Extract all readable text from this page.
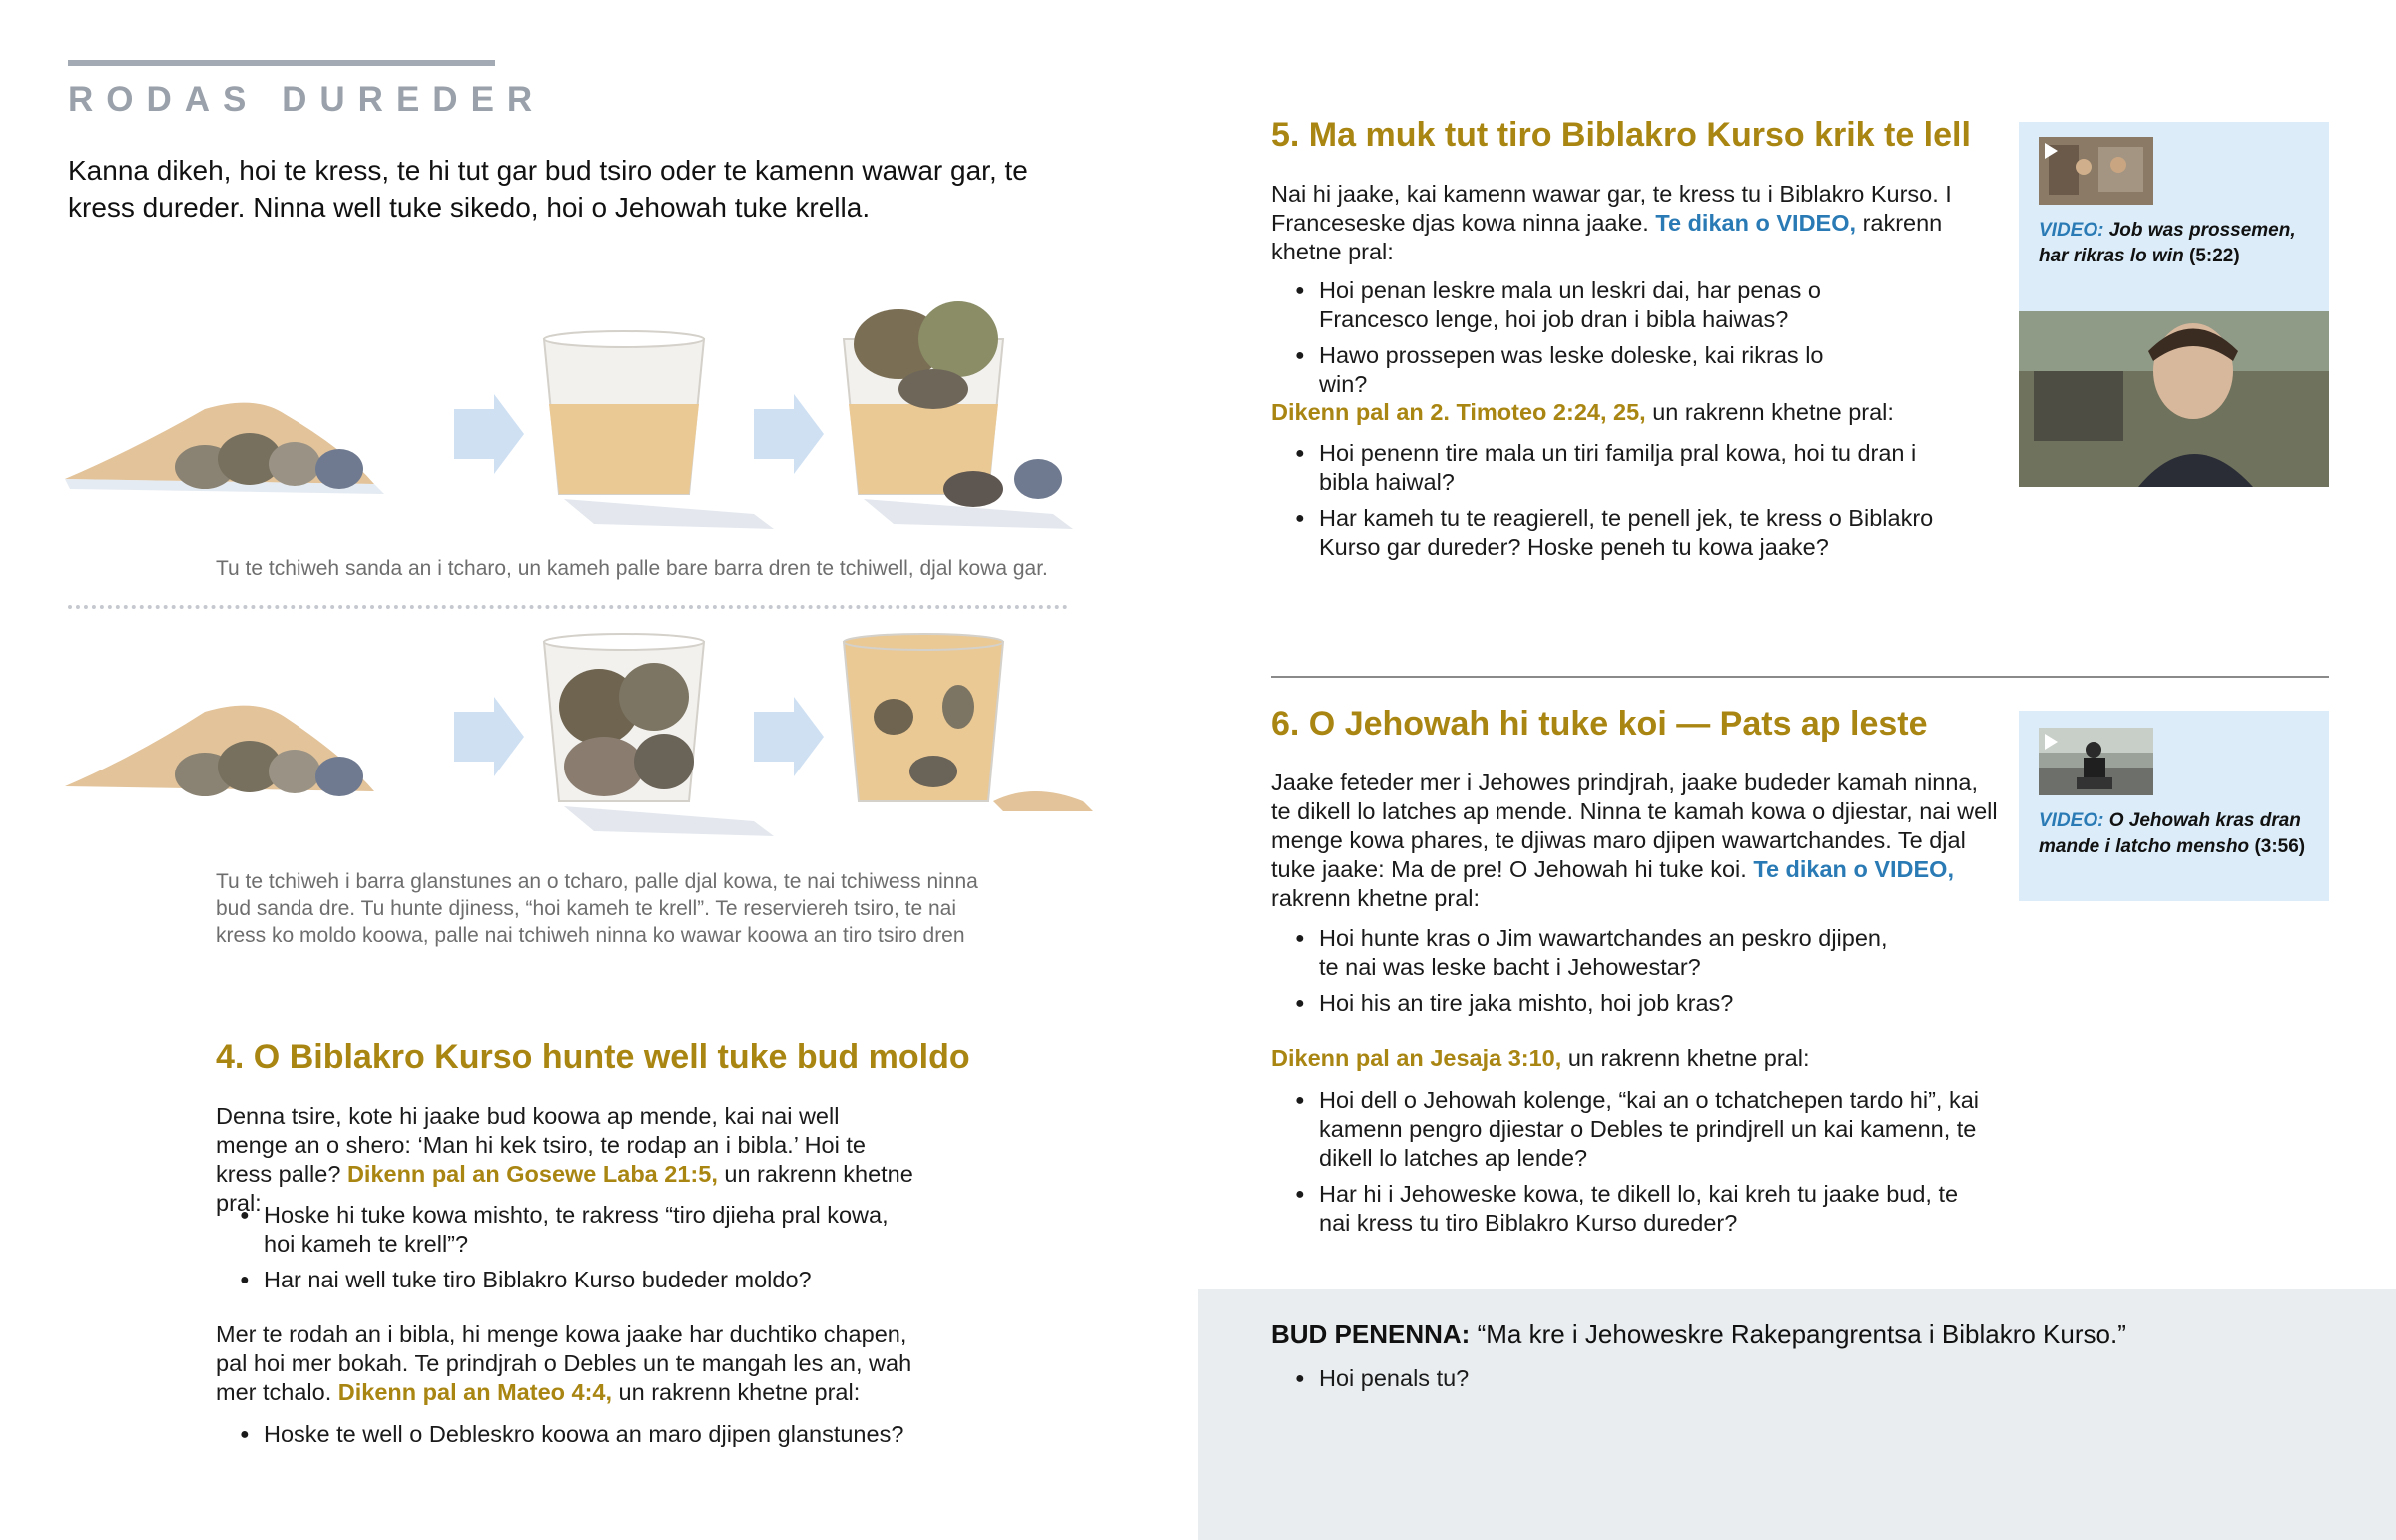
RODAS DUREDER
Kanna dikeh, hoi te kress, te hi tut gar bud tsiro oder te kamenn wawar gar, te kress dureder. Ninna well tuke sikedo, hoi o Jehowah tuke krella.
Tu te tchiweh sanda an i tcharo, un kameh palle bare barra dren te tchiwell, djal kowa gar.
Tu te tchiweh i barra glanstunes an o tcharo, palle djal kowa, te nai tchiwess ninna bud sanda dre. Tu hunte djiness, “hoi kameh te krell”. Te reserviereh tsiro, te nai kress ko moldo koowa, palle nai tchiweh ninna ko wawar koowa an tiro tsiro dren
4. O Biblakro Kurso hunte well tuke bud moldo
Denna tsire, kote hi jaake bud koowa ap mende, kai nai well menge an o shero: ‘Man hi kek tsiro, te rodap an i bibla.’ Hoi te kress palle? Dikenn pal an Gosewe Laba 21:5, un rakrenn khetne pral:
● Hoske hi tuke kowa mishto, te rakress “tiro djieha pral kowa, hoi kameh te krell”?
● Har nai well tuke tiro Biblakro Kurso budeder moldo?
Mer te rodah an i bibla, hi menge kowa jaake har duchtiko chapen, pal hoi mer bokah. Te prindjrah o Debles un te mangah les an, wah mer tchalo. Dikenn pal an Mateo 4:4, un rakrenn khetne pral:
● Hoske te well o Debleskro koowa an maro djipen glanstunes?
5. Ma muk tut tiro Biblakro Kurso krik te lell
Nai hi jaake, kai kamenn wawar gar, te kress tu i Biblakro Kurso. I Franceseske djas kowa ninna jaake. Te dikan o VIDEO, rakrenn khetne pral:
● Hoi penan leskre mala un leskri dai, har penas o Francesco lenge, hoi job dran i bibla haiwas?
● Hawo prossepen was leske doleske, kai rikras lo win?
Dikenn pal an 2. Timoteo 2:24, 25, un rakrenn khetne pral:
● Hoi penenn tire mala un tiri familja pral kowa, hoi tu dran i bibla haiwal?
● Har kameh tu te reagierell, te penell jek, te kress o Biblakro Kurso gar dureder? Hoske peneh tu kowa jaake?
VIDEO: Job was prossemen, har rikras lo win (5:22)
6. O Jehowah hi tuke koi — Pats ap leste
Jaake feteder mer i Jehowes prindjrah, jaake budeder kamah ninna, te dikell lo latches ap mende. Ninna te kamah kowa o djiestar, nai well menge kowa phares, te djiwas maro djipen wawartchandes. Te djal tuke jaake: Ma de pre! O Jehowah hi tuke koi. Te dikan o VIDEO, rakrenn khetne pral:
● Hoi hunte kras o Jim wawartchandes an peskro djipen, te nai was leske bacht i Jehowestar?
● Hoi his an tire jaka mishto, hoi job kras?
Dikenn pal an Jesaja 3:10, un rakrenn khetne pral:
● Hoi dell o Jehowah kolenge, “kai an o tchatchepen tardo hi”, kai kamenn pengro djiestar o Debles te prindjrell un kai kamenn, te dikell lo latches ap lende?
● Har hi i Jehoweske kowa, te dikell lo, kai kreh tu jaake bud, te nai kress tu tiro Biblakro Kurso dureder?
VIDEO: O Jehowah kras dran mande i latcho mensho (3:56)
BUD PENENNA: “Ma kre i Jehoweskre Rakepangrentsa i Biblakro Kurso.”
● Hoi penals tu?
